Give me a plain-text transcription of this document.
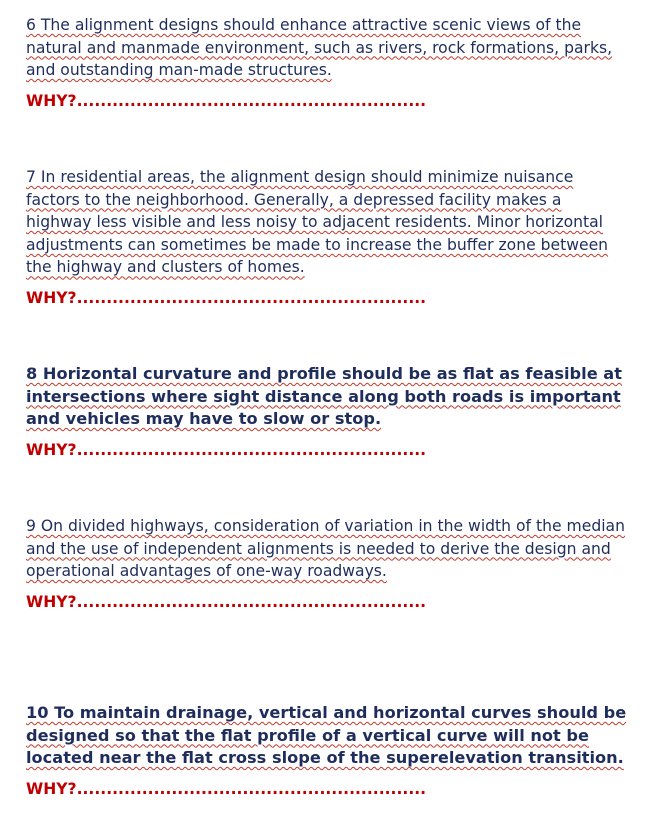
6 The alignment designs should enhance attractive scenic views of the natural and manmade environment, such as rivers, rock formations, parks, and outstanding man-made structures.

WHY?...........................................................

7 In residential areas, the alignment design should minimize nuisance factors to the neighborhood. Generally, a depressed facility makes a highway less visible and less noisy to adjacent residents. Minor horizontal adjustments can sometimes be made to increase the buffer zone between the highway and clusters of homes.

WHY?...........................................................

8 Horizontal curvature and profile should be as flat as feasible at intersections where sight distance along both roads is important and vehicles may have to slow or stop.

WHY?...........................................................

9 On divided highways, consideration of variation in the width of the median and the use of independent alignments is needed to derive the design and operational advantages of one-way roadways.

WHY?...........................................................

10 To maintain drainage, vertical and horizontal curves should be designed so that the flat profile of a vertical curve will not be located near the flat cross slope of the superelevation transition.

WHY?...........................................................
